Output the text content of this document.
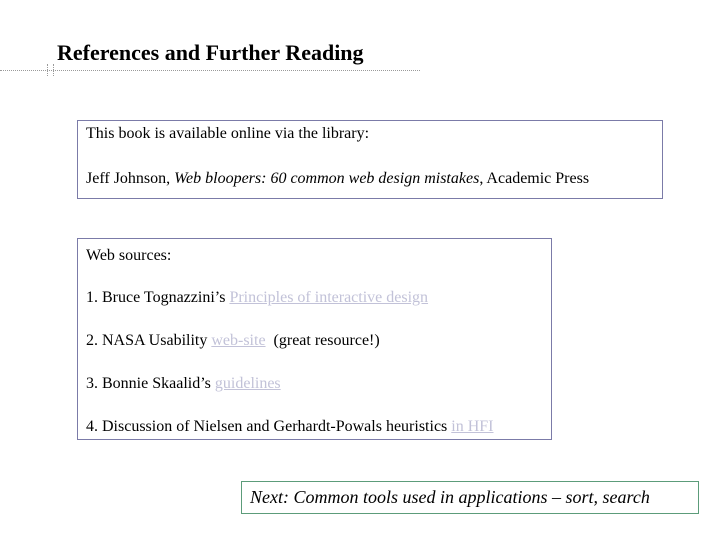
References and Further Reading
This book is available online via the library:
Jeff Johnson, Web bloopers: 60 common web design mistakes, Academic Press
Web sources:
1. Bruce Tognazzini’s Principles of interactive design
2. NASA Usability web-site  (great resource!)
3. Bonnie Skaalid’s guidelines
4. Discussion of Nielsen and Gerhardt-Powals heuristics in HFI
Next: Common tools used in applications – sort, search
